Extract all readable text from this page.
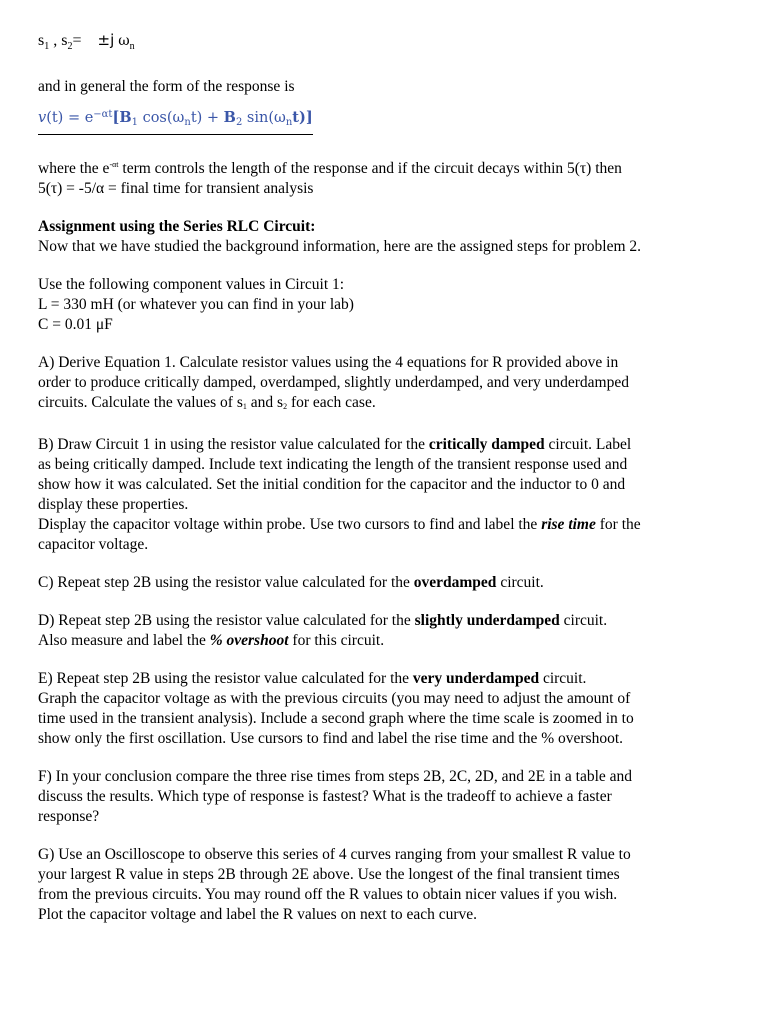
$s_1$ , $s_2= \pm j$ $\omega_n$
and in general the form of the response is
$v(t) = e^{-\alpha t}[B_1$ $\cos(\omega_nt) + B_2$ $\sin(\omega_nt)$]
where the $e^{-\alpha t}$ term controls the length of the response and if the circuit decays within 5(τ) then
5(τ) = -5/α = final time for transient analysis
Assignment using the Series RLC Circuit:
Now that we have studied the background information, here are the assigned steps for problem 2.
Use the following component values in Circuit 1:
L = 330 mH (or whatever you can find in your lab)
C = 0.01 μF
A) Derive Equation 1. Calculate resistor values using the 4 equations for R provided above in
order to produce critically damped, overdamped, slightly underdamped, and very underdamped
circuits. Calculate the values of s1 and s2 for each case.
B) Draw Circuit 1 in using the resistor value calculated for the critically damped circuit. Label
as being critically damped. Include text indicating the length of the transient response used and
show how it was calculated. Set the initial condition for the capacitor and the inductor to 0 and
display these properties.
Display the capacitor voltage within probe. Use two cursors to find and label the rise time for the
capacitor voltage.
C) Repeat step 2B using the resistor value calculated for the overdamped circuit.
D) Repeat step 2B using the resistor value calculated for the slightly underdamped circuit.
Also measure and label the % overshoot for this circuit.
E) Repeat step 2B using the resistor value calculated for the very underdamped circuit.
Graph the capacitor voltage as with the previous circuits (you may need to adjust the amount of
time used in the transient analysis). Include a second graph where the time scale is zoomed in to
show only the first oscillation. Use cursors to find and label the rise time and the % overshoot.
F) In your conclusion compare the three rise times from steps 2B, 2C, 2D, and 2E in a table and
discuss the results. Which type of response is fastest? What is the tradeoff to achieve a faster
response?
G) Use an Oscilloscope to observe this series of 4 curves ranging from your smallest R value to
your largest R value in steps 2B through 2E above. Use the longest of the final transient times
from the previous circuits. You may round off the R values to obtain nicer values if you wish.
Plot the capacitor voltage and label the R values on next to each curve.
